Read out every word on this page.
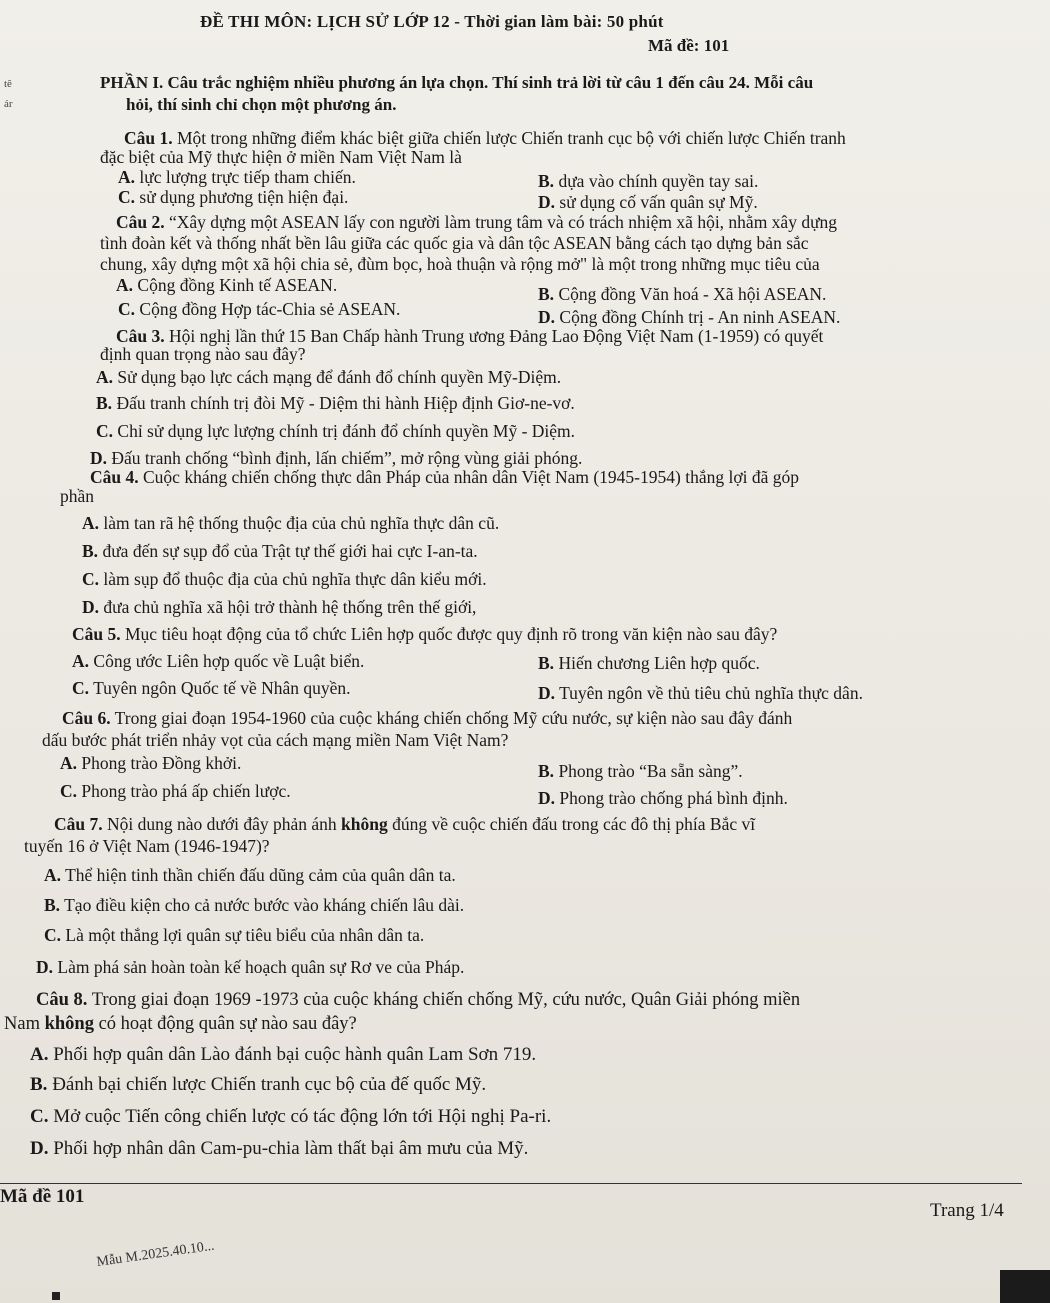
ĐỀ THI MÔN: LỊCH SỬ LỚP 12 - Thời gian làm bài: 50 phút
Mã đề: 101
tê
ár
PHẦN I. Câu trắc nghiệm nhiều phương án lựa chọn. Thí sinh trả lời từ câu 1 đến câu 24. Mỗi câu
hỏi, thí sinh chỉ chọn một phương án.
Câu 1. Một trong những điểm khác biệt giữa chiến lược Chiến tranh cục bộ với chiến lược Chiến tranh
đặc biệt của Mỹ thực hiện ở miền Nam Việt Nam là
A. lực lượng trực tiếp tham chiến.	B. dựa vào chính quyền tay sai.
C. sử dụng phương tiện hiện đại.	D. sử dụng cố vấn quân sự Mỹ.
Câu 2. “Xây dựng một ASEAN lấy con người làm trung tâm và có trách nhiệm xã hội, nhằm xây dựng
tình đoàn kết và thống nhất bền lâu giữa các quốc gia và dân tộc ASEAN bằng cách tạo dựng bản sắc
chung, xây dựng một xã hội chia sẻ, đùm bọc, hoà thuận và rộng mở" là một trong những mục tiêu của
A. Cộng đồng Kinh tế ASEAN.	B. Cộng đồng Văn hoá - Xã hội ASEAN.
C. Cộng đồng Hợp tác-Chia sẻ ASEAN.	D. Cộng đồng Chính trị - An ninh ASEAN.
Câu 3. Hội nghị lần thứ 15 Ban Chấp hành Trung ương Đảng Lao Động Việt Nam (1-1959) có quyết
định quan trọng nào sau đây?
A. Sử dụng bạo lực cách mạng để đánh đổ chính quyền Mỹ-Diệm.
B. Đấu tranh chính trị đòi Mỹ - Diệm thi hành Hiệp định Giơ-ne-vơ.
C. Chỉ sử dụng lực lượng chính trị đánh đổ chính quyền Mỹ - Diệm.
D. Đấu tranh chống “bình định, lấn chiếm”, mở rộng vùng giải phóng.
Câu 4. Cuộc kháng chiến chống thực dân Pháp của nhân dân Việt Nam (1945-1954) thắng lợi đã góp
phần
A. làm tan rã hệ thống thuộc địa của chủ nghĩa thực dân cũ.
B. đưa đến sự sụp đổ của Trật tự thế giới hai cực I-an-ta.
C. làm sụp đổ thuộc địa của chủ nghĩa thực dân kiểu mới.
D. đưa chủ nghĩa xã hội trở thành hệ thống trên thế giới,
Câu 5. Mục tiêu hoạt động của tổ chức Liên hợp quốc được quy định rõ trong văn kiện nào sau đây?
A. Công ước Liên hợp quốc về Luật biển.	B. Hiến chương Liên hợp quốc.
C. Tuyên ngôn Quốc tế về Nhân quyền.	D. Tuyên ngôn về thủ tiêu chủ nghĩa thực dân.
Câu 6. Trong giai đoạn 1954-1960 của cuộc kháng chiến chống Mỹ cứu nước, sự kiện nào sau đây đánh
dấu bước phát triển nhảy vọt của cách mạng miền Nam Việt Nam?
A. Phong trào Đồng khởi.	B. Phong trào “Ba sẵn sàng”.
C. Phong trào phá ấp chiến lược.	D. Phong trào chống phá bình định.
Câu 7. Nội dung nào dưới đây phản ánh không đúng về cuộc chiến đấu trong các đô thị phía Bắc vĩ
tuyến 16 ở Việt Nam (1946-1947)?
A. Thể hiện tinh thần chiến đấu dũng cảm của quân dân ta.
B. Tạo điều kiện cho cả nước bước vào kháng chiến lâu dài.
C. Là một thắng lợi quân sự tiêu biểu của nhân dân ta.
D. Làm phá sản hoàn toàn kế hoạch quân sự Rơ ve của Pháp.
Câu 8. Trong giai đoạn 1969 -1973 của cuộc kháng chiến chống Mỹ, cứu nước, Quân Giải phóng miền
Nam không có hoạt động quân sự nào sau đây?
A. Phối hợp quân dân Lào đánh bại cuộc hành quân Lam Sơn 719.
B. Đánh bại chiến lược Chiến tranh cục bộ của đế quốc Mỹ.
C. Mở cuộc Tiến công chiến lược có tác động lớn tới Hội nghị Pa-ri.
D. Phối hợp nhân dân Cam-pu-chia làm thất bại âm mưu của Mỹ.
Mã đề 101
Trang 1/4
Mẫu M.2025.40.10...
